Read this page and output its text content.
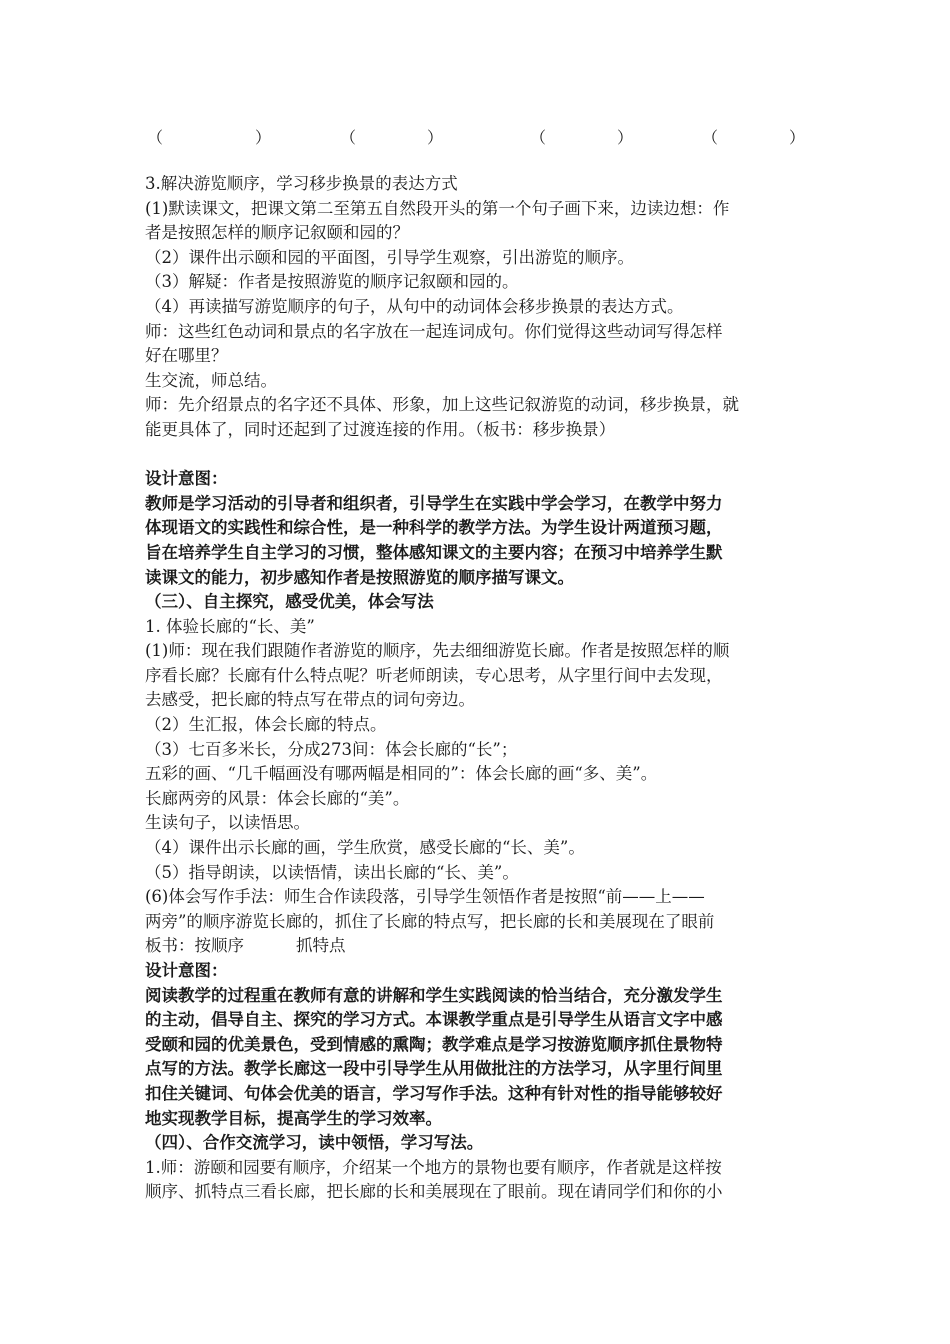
（	）	（	）	（	）	（	）
3.解决游览顺序，学习移步换景的表达方式
(1)默读课文，把课文第二至第五自然段开头的第一个句子画下来，边读边想：作
者是按照怎样的顺序记叙颐和园的？
（2）课件出示颐和园的平面图，引导学生观察，引出游览的顺序。
（3）解疑：作者是按照游览的顺序记叙颐和园的。
（4）再读描写游览顺序的句子，从句中的动词体会移步换景的表达方式。
师：这些红色动词和景点的名字放在一起连词成句。你们觉得这些动词写得怎样
好在哪里？
生交流，师总结。
师：先介绍景点的名字还不具体、形象，加上这些记叙游览的动词，移步换景，就
能更具体了，同时还起到了过渡连接的作用。（板书：移步换景）
设计意图：
教师是学习活动的引导者和组织者，引导学生在实践中学会学习，在教学中努力
体现语文的实践性和综合性，是一种科学的教学方法。为学生设计两道预习题，
旨在培养学生自主学习的习惯，整体感知课文的主要内容；在预习中培养学生默
读课文的能力，初步感知作者是按照游览的顺序描写课文。
（三）、自主探究，感受优美，体会写法
1. 体验长廊的“长、美”
(1)师：现在我们跟随作者游览的顺序，先去细细游览长廊。作者是按照怎样的顺
序看长廊？长廊有什么特点呢？听老师朗读，专心思考，从字里行间中去发现，
去感受，把长廊的特点写在带点的词句旁边。
（2）生汇报，体会长廊的特点。
（3）七百多米长，分成273间：体会长廊的“长”；
五彩的画、“几千幅画没有哪两幅是相同的”：体会长廊的画“多、美”。
长廊两旁的风景：体会长廊的“美”。
生读句子，以读悟思。
（4）课件出示长廊的画，学生欣赏，感受长廊的“长、美”。
（5）指导朗读，以读悟情，读出长廊的“长、美”。
(6)体会写作手法：师生合作读段落，引导学生领悟作者是按照“前——上——
两旁”的顺序游览长廊的，抓住了长廊的特点写，把长廊的长和美展现在了眼前
板书：按顺序	抓特点
设计意图：
阅读教学的过程重在教师有意的讲解和学生实践阅读的恰当结合，充分激发学生
的主动，倡导自主、探究的学习方式。本课教学重点是引导学生从语言文字中感
受颐和园的优美景色，受到情感的熏陶；教学难点是学习按游览顺序抓住景物特
点写的方法。教学长廊这一段中引导学生从用做批注的方法学习，从字里行间里
扣住关键词、句体会优美的语言，学习写作手法。这种有针对性的指导能够较好
地实现教学目标，提高学生的学习效率。
（四）、合作交流学习，读中领悟，学习写法。
1.师：游颐和园要有顺序，介绍某一个地方的景物也要有顺序，作者就是这样按
顺序、抓特点三看长廊，把长廊的长和美展现在了眼前。现在请同学们和你的小
